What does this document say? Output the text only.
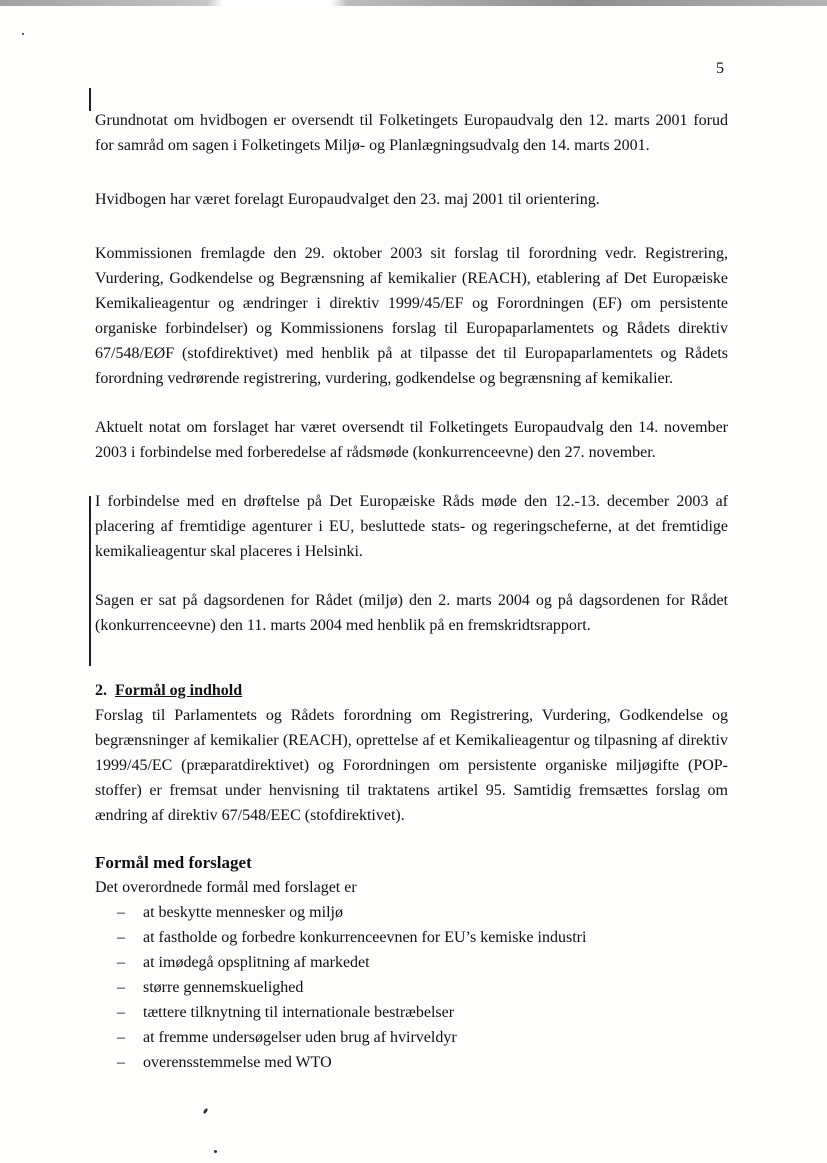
5

Grundnotat om hvidbogen er oversendt til Folketingets Europaudvalg den 12. marts 2001 forud for samråd om sagen i Folketingets Miljø- og Planlægningsudvalg den 14. marts 2001.

Hvidbogen har været forelagt Europaudvalget den 23. maj 2001 til orientering.

Kommissionen fremlagde den 29. oktober 2003 sit forslag til forordning vedr. Registrering, Vurdering, Godkendelse og Begrænsning af kemikalier (REACH), etablering af Det Europæiske Kemikalieagentur og ændringer i direktiv 1999/45/EF og Forordningen (EF) om persistente organiske forbindelser) og Kommissionens forslag til Europaparlamentets og Rådets direktiv 67/548/EØF (stofdirektivet) med henblik på at tilpasse det til Europaparlamentets og Rådets forordning vedrørende registrering, vurdering, godkendelse og begrænsning af kemikalier.

Aktuelt notat om forslaget har været oversendt til Folketingets Europaudvalg den 14. november 2003 i forbindelse med forberedelse af rådsmøde (konkurrenceevne) den 27. november.

I forbindelse med en drøftelse på Det Europæiske Råds møde den 12.-13. december 2003 af placering af fremtidige agenturer i EU, besluttede stats- og regeringscheferne, at det fremtidige kemikalieagentur skal placeres i Helsinki.

Sagen er sat på dagsordenen for Rådet (miljø) den 2. marts 2004 og på dagsordenen for Rådet (konkurrenceevne) den 11. marts 2004 med henblik på en fremskridtsrapport.

2. Formål og indhold

Forslag til Parlamentets og Rådets forordning om Registrering, Vurdering, Godkendelse og begrænsninger af kemikalier (REACH), oprettelse af et Kemikalieagentur og tilpasning af direktiv 1999/45/EC (præparatdirektivet) og Forordningen om persistente organiske miljøgifte (POP-stoffer) er fremsat under henvisning til traktatens artikel 95. Samtidig fremsættes forslag om ændring af direktiv 67/548/EEC (stofdirektivet).

Formål med forslaget

Det overordnede formål med forslaget er

– at beskytte mennesker og miljø
– at fastholde og forbedre konkurrenceevnen for EU’s kemiske industri
– at imødegå opsplitning af markedet
– større gennemskuelighed
– tættere tilknytning til internationale bestræbelser
– at fremme undersøgelser uden brug af hvirveldyr
– overensstemmelse med WTO
